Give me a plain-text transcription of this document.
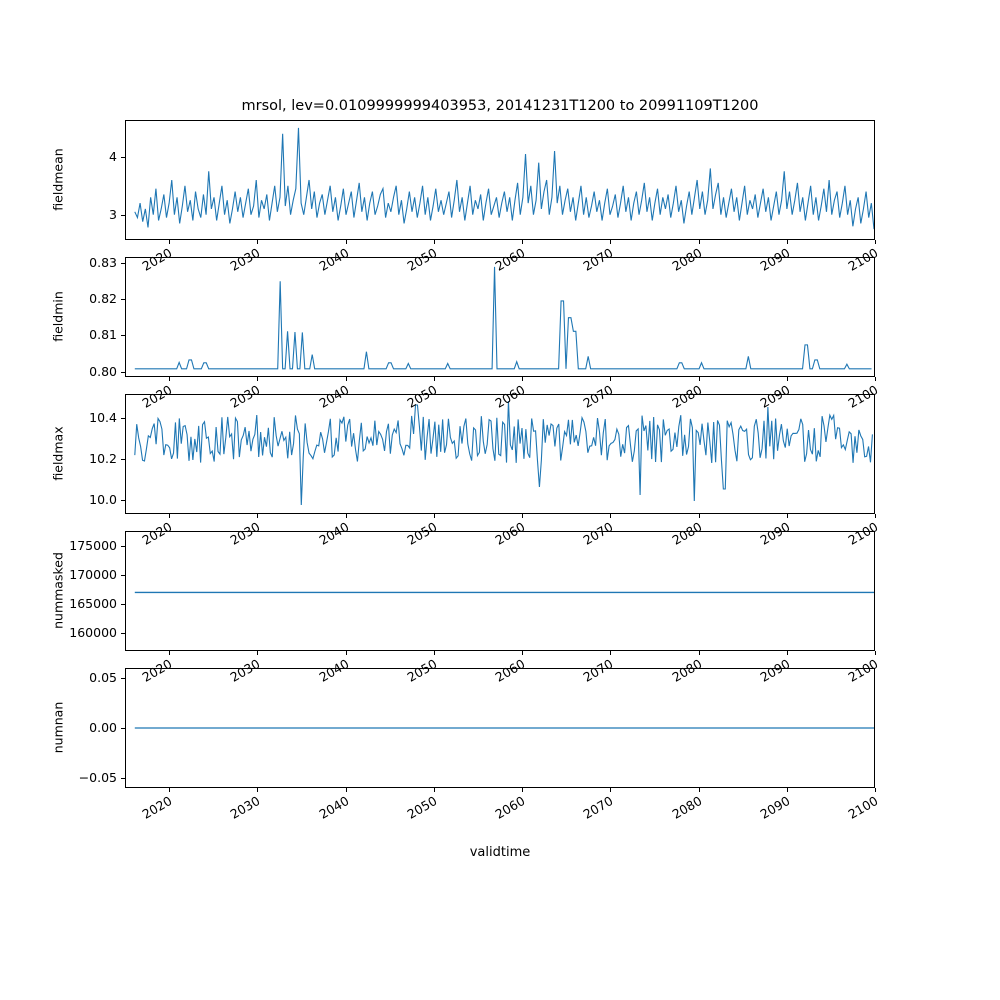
mrsol, lev=0.0109999999403953, 20141231T1200 to 20991109T1200
fieldmean
fieldmin
fieldmax
nummasked
numnan
validtime
3
4
2020	2030	2040	2050	2060	2070	2080	2090	2100
0.80
0.81
0.82
0.83
2020	2030	2040	2050	2060	2070	2080	2090	2100
10.0
10.2
10.4
2020	2030	2040	2050	2060	2070	2080	2090	2100
160000
165000
170000
175000
2020	2030	2040	2050	2060	2070	2080	2090	2100
−0.05
0.00
0.05
2020	2030	2040	2050	2060	2070	2080	2090	2100
